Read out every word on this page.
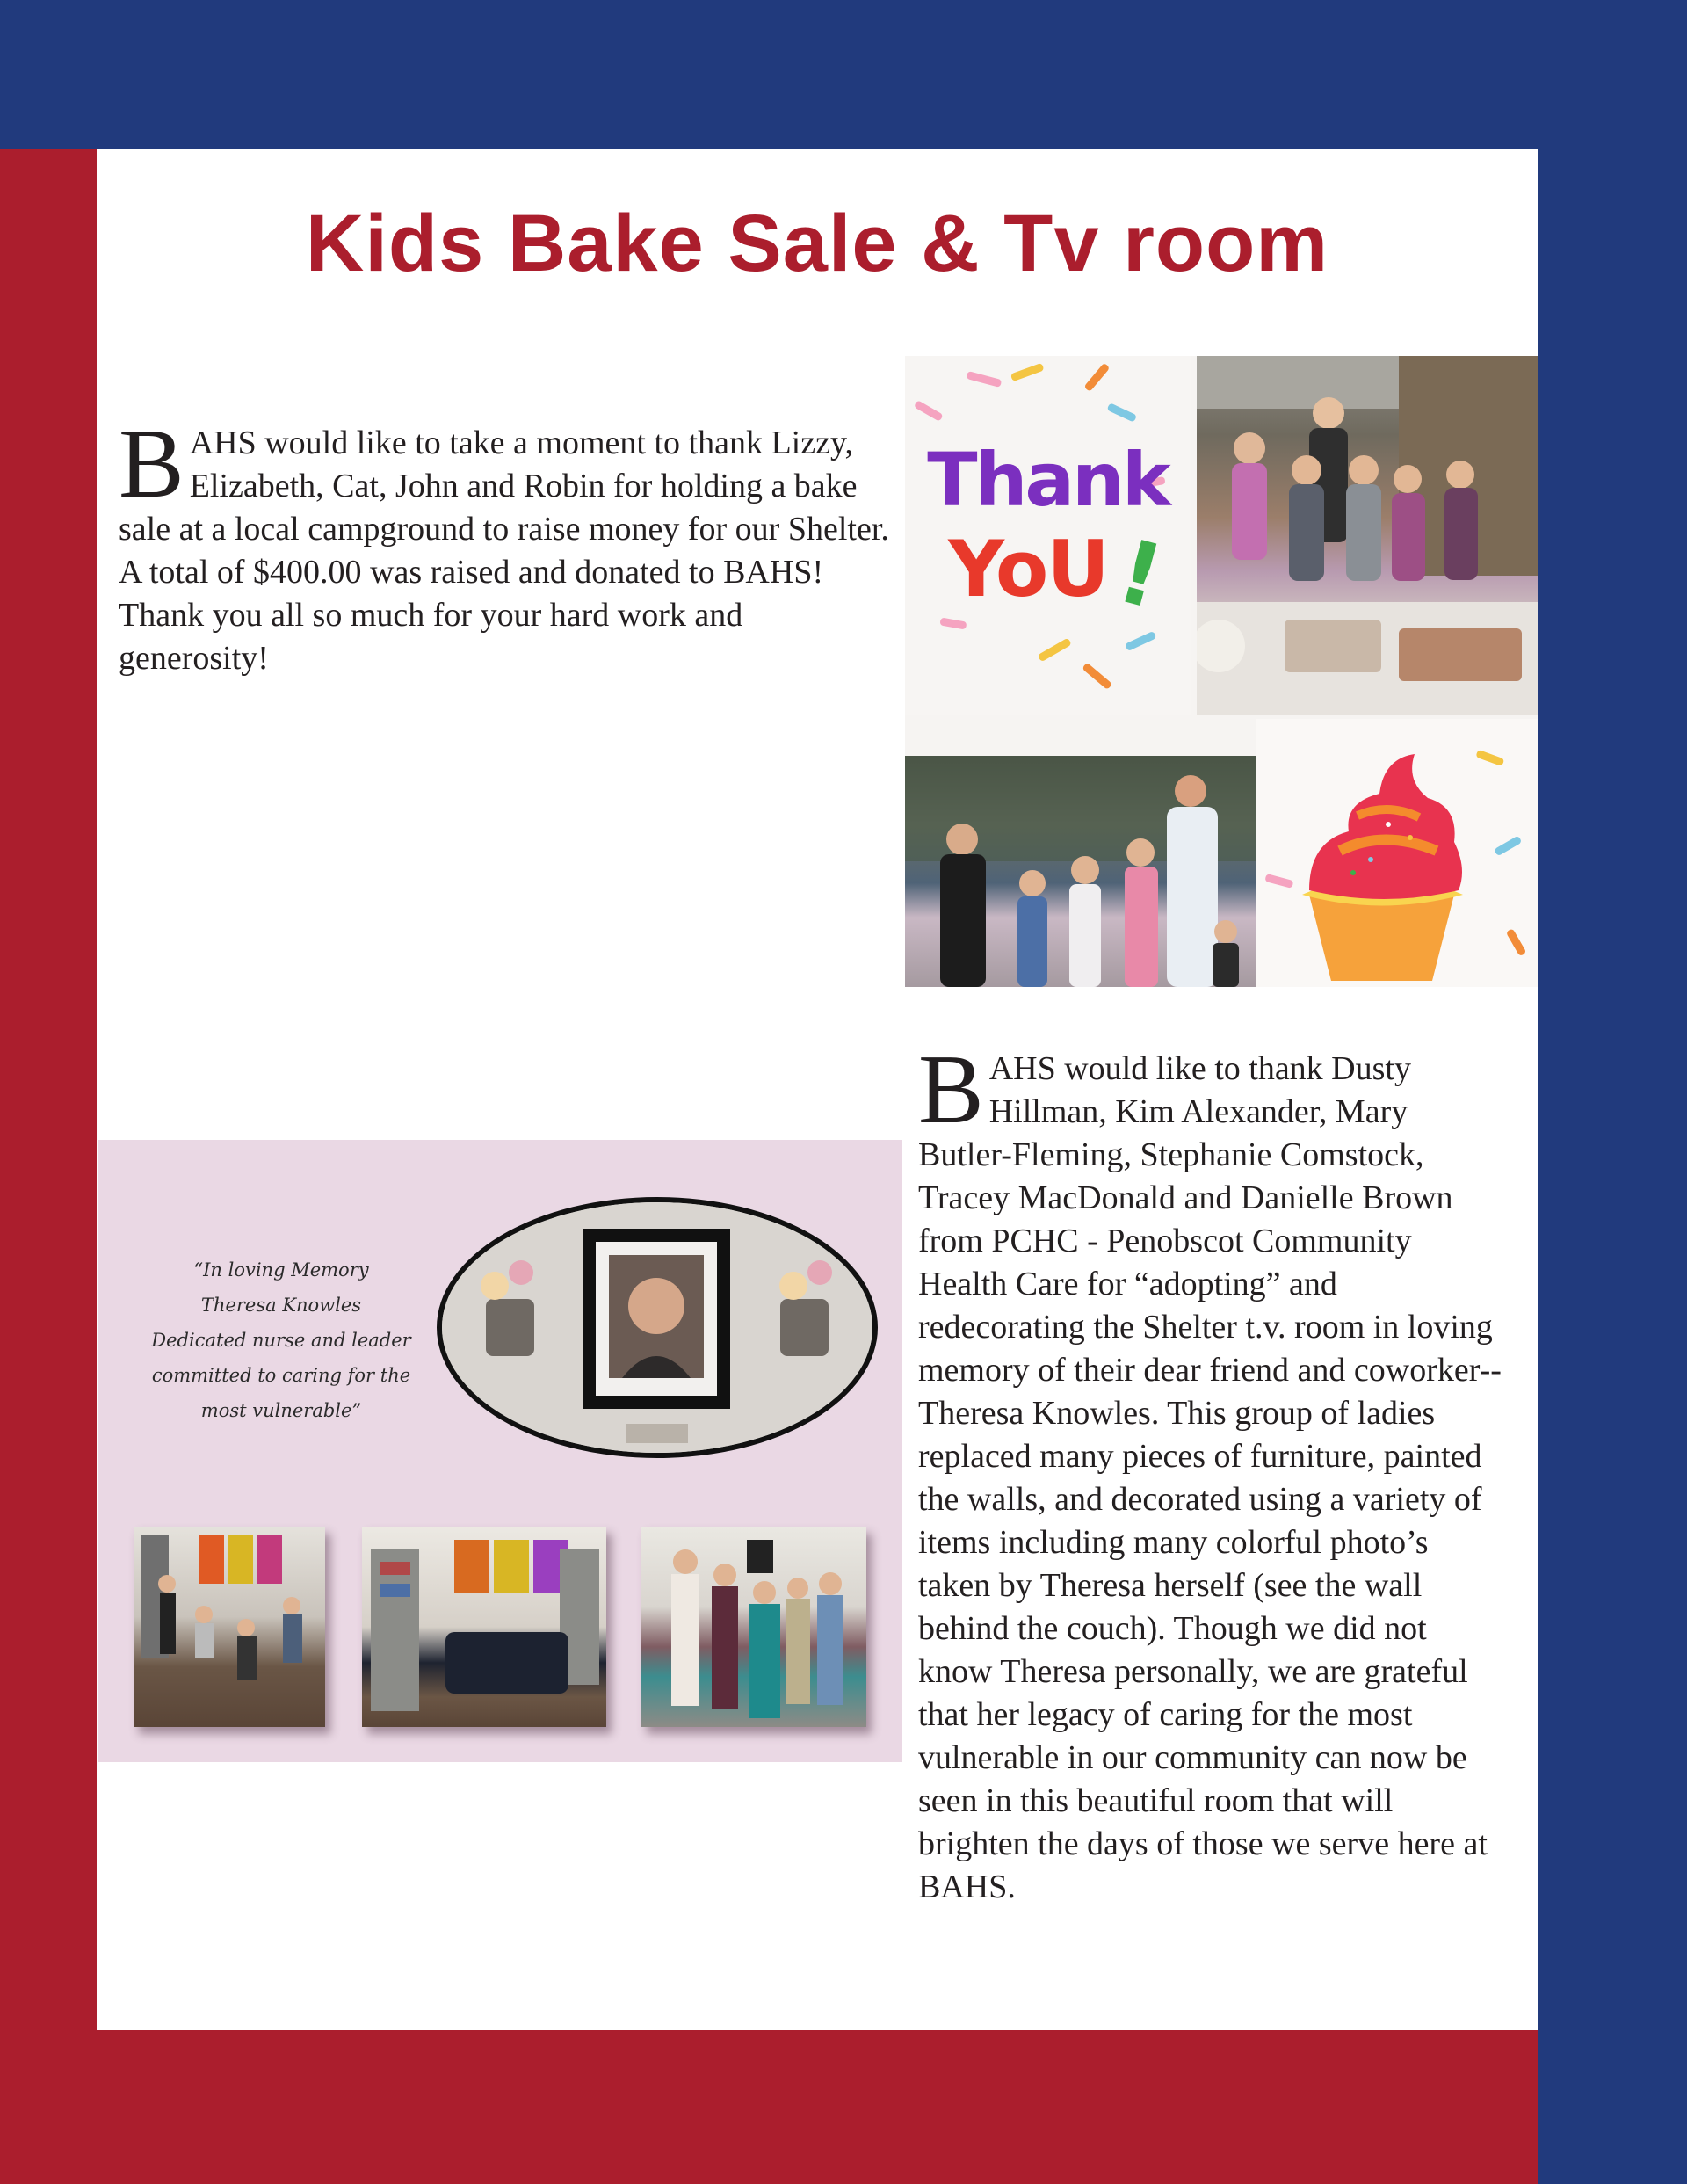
Kids Bake Sale & Tv room

BAHS would like to take a moment to thank Lizzy, Elizabeth, Cat, John and Robin for holding a bake sale at a local campground to raise money for our Shelter. A total of $400.00 was raised and donated to BAHS! Thank you all so much for your hard work and generosity!

Thank
YoU !

BAHS would like to thank Dusty Hillman, Kim Alexander, Mary Butler-Fleming, Stephanie Comstock, Tracey MacDonald and Danielle Brown from PCHC - Penobscot Community Health Care for “adopting” and redecorating the Shelter t.v. room in loving memory of their dear friend and coworker--Theresa Knowles. This group of ladies replaced many pieces of furniture, painted the walls, and decorated using a variety of items including many colorful photo’s taken by Theresa herself (see the wall behind the couch). Though we did not know Theresa personally, we are grateful that her legacy of caring for the most vulnerable in our community can now be seen in this beautiful room that will brighten the days of those we serve here at BAHS.

“In loving Memory
Theresa Knowles
Dedicated nurse and leader
committed to caring for the
most vulnerable”
5
